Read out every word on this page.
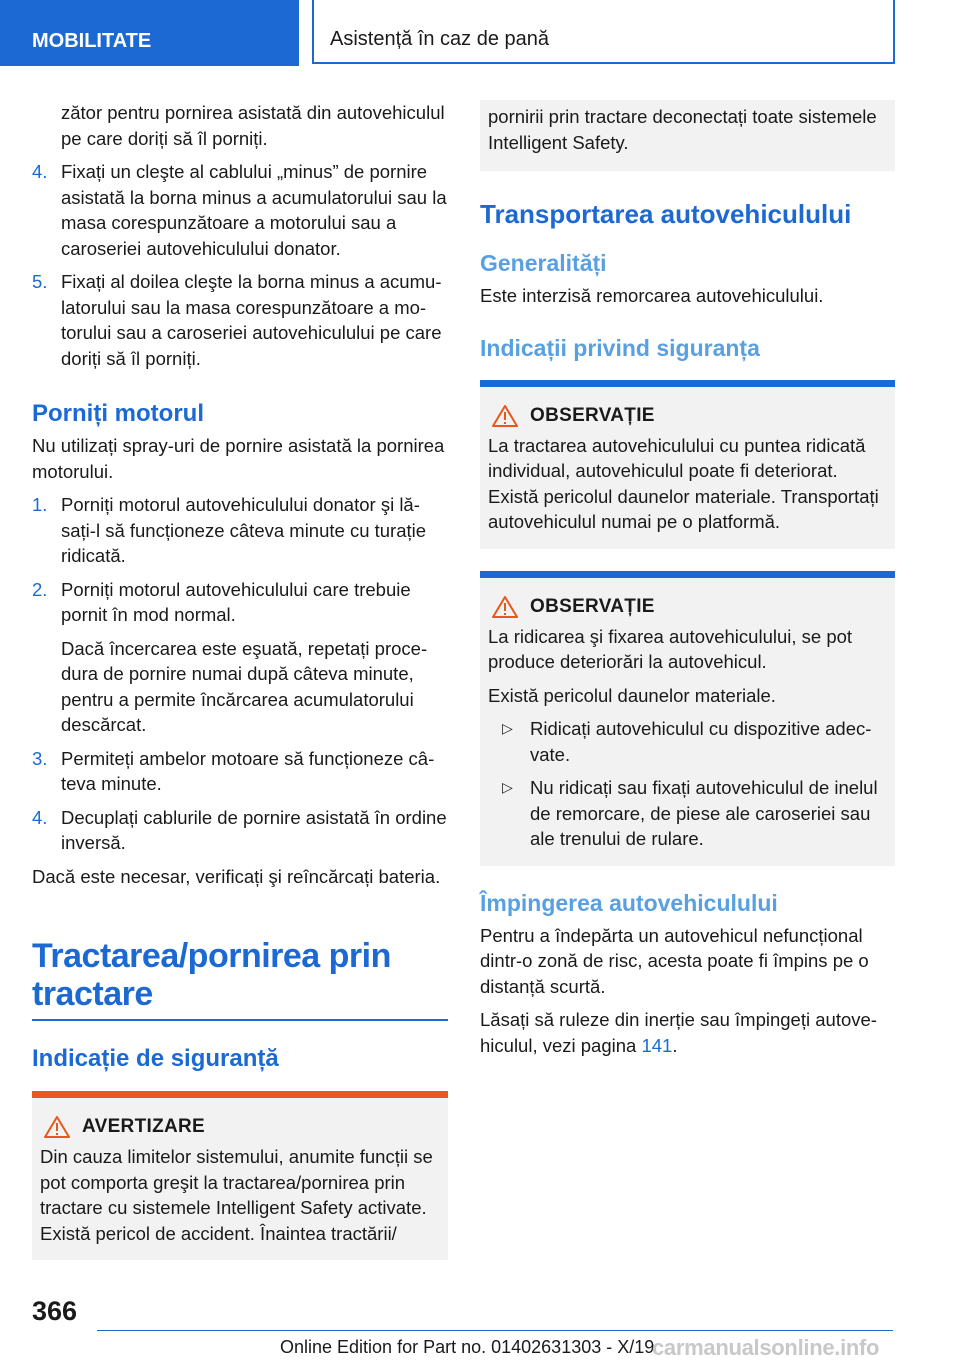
MOBILITATE	Asistență în caz de pană

zător pentru pornirea asistată din autovehiculul pe care doriți să îl porniți.

4. Fixați un cleşte al cablului „minus” de pornire asistată la borna minus a acumulatorului sau la masa corespunzătoare a motorului sau a caroseriei autovehiculului donator.
5. Fixați al doilea cleşte la borna minus a acumulatorului sau la masa corespunzătoare a motorului sau a caroseriei autovehiculului pe care doriți să îl porniți.
Porniți motorul

Nu utilizați spray-uri de pornire asistată la pornirea motorului.

1. Porniți motorul autovehiculului donator şi lăsați-l să funcționeze câteva minute cu turație ridicată.
2. Porniți motorul autovehiculului care trebuie pornit în mod normal.
Dacă încercarea este eşuată, repetați procedura de pornire numai după câteva minute, pentru a permite încărcarea acumulatorului descărcat.
3. Permiteți ambelor motoare să funcționeze câteva minute.
4. Decuplați cablurile de pornire asistată în ordine inversă.

Dacă este necesar, verificați şi reîncărcați bateria.

Tractarea/pornirea prin tractare
Indicație de siguranță
AVERTIZARE

Din cauza limitelor sistemului, anumite funcții se pot comporta greşit la tractarea/pornirea prin tractare cu sistemele Intelligent Safety activate. Există pericol de accident. Înaintea tractării/

pornirii prin tractare deconectați toate sistemele Intelligent Safety.

Transportarea autovehiculului
Generalități

Este interzisă remorcarea autovehiculului.

Indicații privind siguranța
OBSERVAȚIE

La tractarea autovehiculului cu puntea ridicată individual, autovehiculul poate fi deteriorat. Există pericolul daunelor materiale. Transportați autovehiculul numai pe o platformă.

OBSERVAȚIE

La ridicarea şi fixarea autovehiculului, se pot produce deteriorări la autovehicul.

Există pericolul daunelor materiale.

▷ Ridicați autovehiculul cu dispozitive adecvate.
▷ Nu ridicați sau fixați autovehiculul de inelul de remorcare, de piese ale caroseriei sau ale trenului de rulare.
Împingerea autovehiculului

Pentru a îndepărta un autovehicul nefuncțional dintr-o zonă de risc, acesta poate fi împins pe o distanță scurtă.

Lăsați să ruleze din inerție sau împingeți autovehiculul, vezi pagina 141.

366
Online Edition for Part no. 01402631303 - X/19
carmanualsonline.info
